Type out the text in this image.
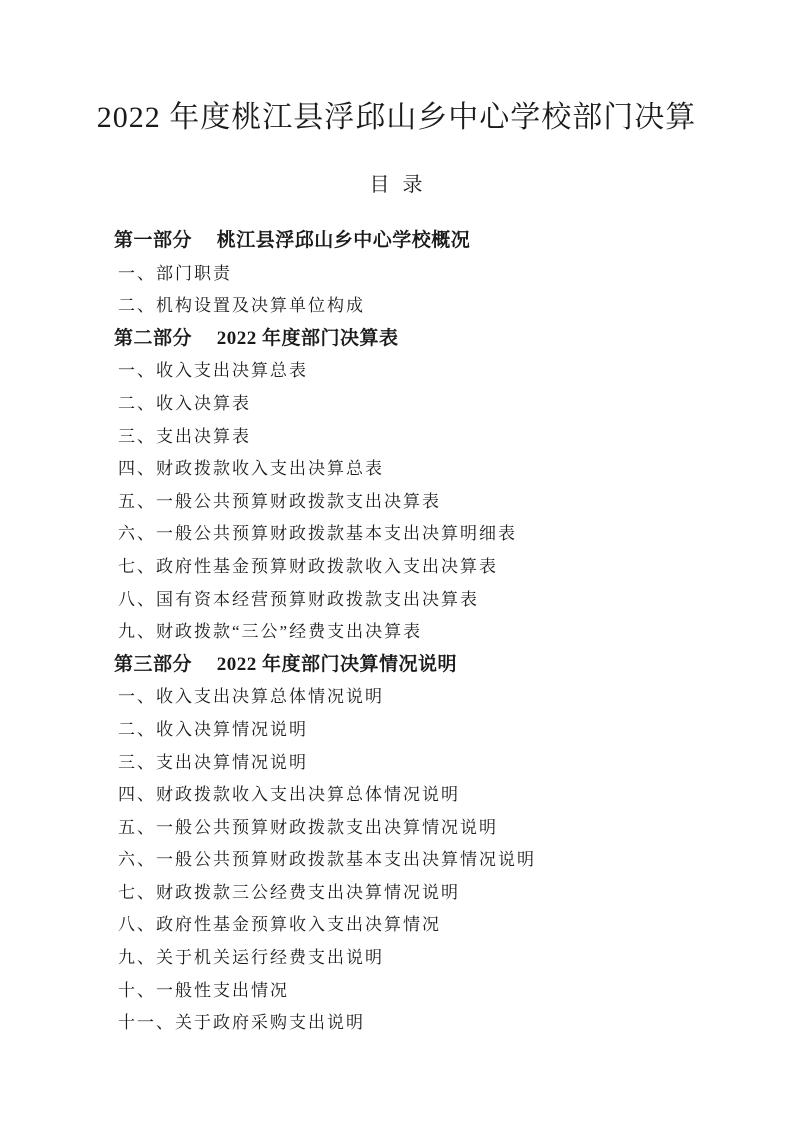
2022 年度桃江县浮邱山乡中心学校部门决算
目  录
第一部分　 桃江县浮邱山乡中心学校概况
一、部门职责
二、机构设置及决算单位构成
第二部分　 2022 年度部门决算表
一、收入支出决算总表
二、收入决算表
三、支出决算表
四、财政拨款收入支出决算总表
五、一般公共预算财政拨款支出决算表
六、一般公共预算财政拨款基本支出决算明细表
七、政府性基金预算财政拨款收入支出决算表
八、国有资本经营预算财政拨款支出决算表
九、财政拨款“三公”经费支出决算表
第三部分　 2022 年度部门决算情况说明
一、收入支出决算总体情况说明
二、收入决算情况说明
三、支出决算情况说明
四、财政拨款收入支出决算总体情况说明
五、一般公共预算财政拨款支出决算情况说明
六、一般公共预算财政拨款基本支出决算情况说明
七、财政拨款三公经费支出决算情况说明
八、政府性基金预算收入支出决算情况
九、关于机关运行经费支出说明
十、一般性支出情况
十一、关于政府采购支出说明
